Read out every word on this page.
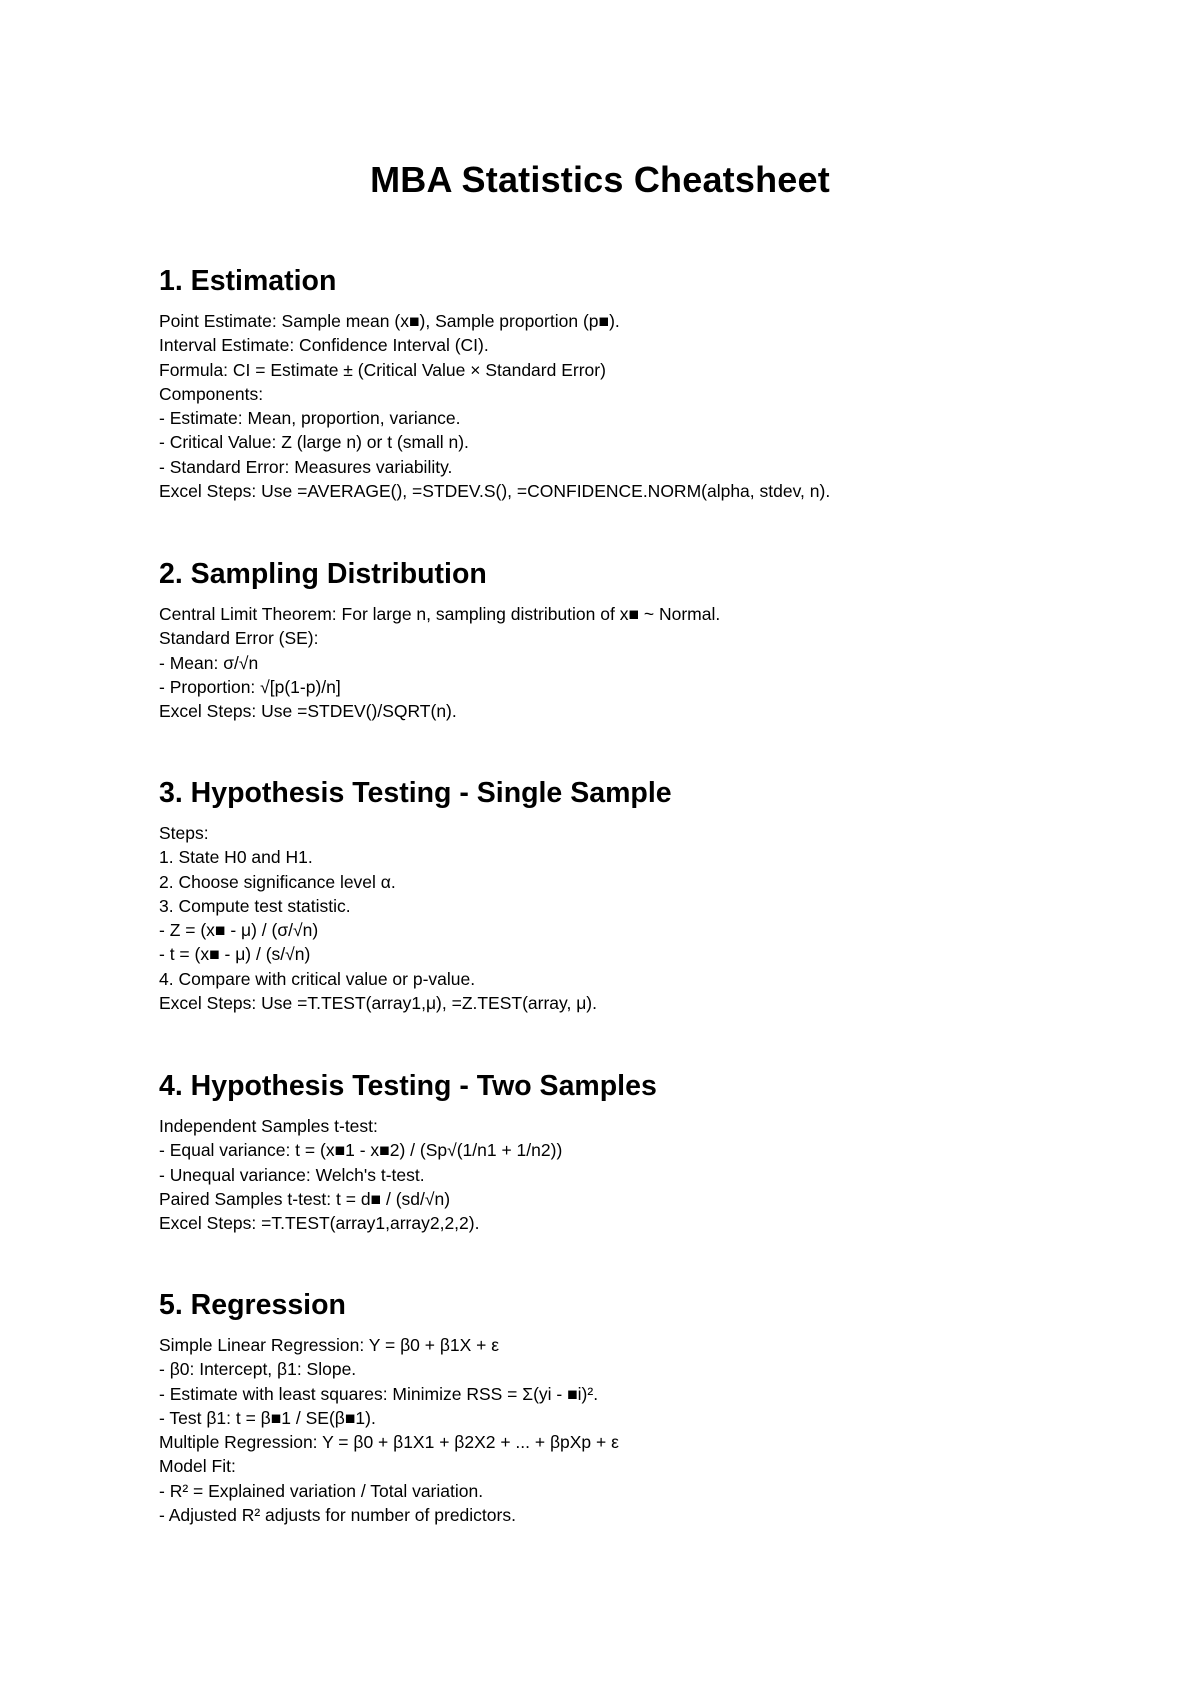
MBA Statistics Cheatsheet
1. Estimation
Point Estimate: Sample mean (x■), Sample proportion (p■).
Interval Estimate: Confidence Interval (CI).
Formula: CI = Estimate ± (Critical Value × Standard Error)
Components:
- Estimate: Mean, proportion, variance.
- Critical Value: Z (large n) or t (small n).
- Standard Error: Measures variability.
Excel Steps: Use =AVERAGE(), =STDEV.S(), =CONFIDENCE.NORM(alpha, stdev, n).
2. Sampling Distribution
Central Limit Theorem: For large n, sampling distribution of x■ ~ Normal.
Standard Error (SE):
- Mean: σ/√n
- Proportion: √[p(1-p)/n]
Excel Steps: Use =STDEV()/SQRT(n).
3. Hypothesis Testing - Single Sample
Steps:
1. State H0 and H1.
2. Choose significance level α.
3. Compute test statistic.
- Z = (x■ - μ) / (σ/√n)
- t = (x■ - μ) / (s/√n)
4. Compare with critical value or p-value.
Excel Steps: Use =T.TEST(array1,μ), =Z.TEST(array, μ).
4. Hypothesis Testing - Two Samples
Independent Samples t-test:
- Equal variance: t = (x■1 - x■2) / (Sp√(1/n1 + 1/n2))
- Unequal variance: Welch's t-test.
Paired Samples t-test: t = d■ / (sd/√n)
Excel Steps: =T.TEST(array1,array2,2,2).
5. Regression
Simple Linear Regression: Y = β0 + β1X + ε
- β0: Intercept, β1: Slope.
- Estimate with least squares: Minimize RSS = Σ(yi - ■i)².
- Test β1: t = β■1 / SE(β■1).
Multiple Regression: Y = β0 + β1X1 + β2X2 + ... + βpXp + ε
Model Fit:
- R² = Explained variation / Total variation.
- Adjusted R² adjusts for number of predictors.
